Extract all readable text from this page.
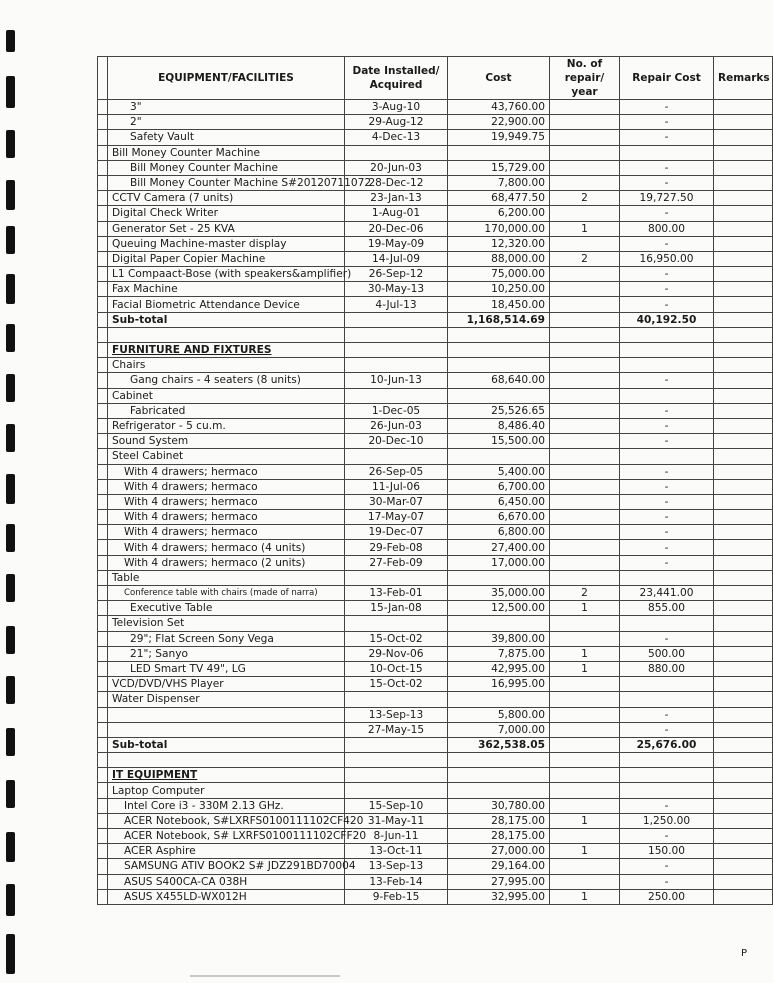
	EQUIPMENT/FACILITIES	Date Installed/ Acquired	Cost	No. of repair/ year	Repair Cost	Remarks
	3"	3-Aug-10	43,760.00		-	
	2"	29-Aug-12	22,900.00		-	
	Safety Vault	4-Dec-13	19,949.75		-	
	Bill Money Counter Machine					
	Bill Money Counter Machine	20-Jun-03	15,729.00		-	
	Bill Money Counter Machine S#20120711072	28-Dec-12	7,800.00		-	
	CCTV Camera (7 units)	23-Jan-13	68,477.50	2	19,727.50	
	Digital Check Writer	1-Aug-01	6,200.00		-	
	Generator Set - 25 KVA	20-Dec-06	170,000.00	1	800.00	
	Queuing Machine-master display	19-May-09	12,320.00		-	
	Digital Paper Copier Machine	14-Jul-09	88,000.00	2	16,950.00	
	L1 Compaact-Bose (with speakers&amplifier)	26-Sep-12	75,000.00		-	
	Fax Machine	30-May-13	10,250.00		-	
	Facial Biometric Attendance Device	4-Jul-13	18,450.00		-	
	Sub-total		1,168,514.69		40,192.50	

	FURNITURE AND FIXTURES					
	Chairs					
	Gang chairs - 4 seaters (8 units)	10-Jun-13	68,640.00		-	
	Cabinet					
	Fabricated	1-Dec-05	25,526.65		-	
	Refrigerator - 5 cu.m.	26-Jun-03	8,486.40		-	
	Sound System	20-Dec-10	15,500.00		-	
	Steel Cabinet					
	With 4 drawers; hermaco	26-Sep-05	5,400.00		-	
	With 4 drawers; hermaco	11-Jul-06	6,700.00		-	
	With 4 drawers; hermaco	30-Mar-07	6,450.00		-	
	With 4 drawers; hermaco	17-May-07	6,670.00		-	
	With 4 drawers; hermaco	19-Dec-07	6,800.00		-	
	With 4 drawers; hermaco (4 units)	29-Feb-08	27,400.00		-	
	With 4 drawers; hermaco (2 units)	27-Feb-09	17,000.00		-	
	Table					
	Conference table with chairs (made of narra)	13-Feb-01	35,000.00	2	23,441.00	
	Executive Table	15-Jan-08	12,500.00	1	855.00	
	Television Set					
	29"; Flat Screen Sony Vega	15-Oct-02	39,800.00		-	
	21"; Sanyo	29-Nov-06	7,875.00	1	500.00	
	LED Smart TV 49", LG	10-Oct-15	42,995.00	1	880.00	
	VCD/DVD/VHS Player	15-Oct-02	16,995.00			
	Water Dispenser					
		13-Sep-13	5,800.00		-	
		27-May-15	7,000.00		-	
	Sub-total		362,538.05		25,676.00	

	IT EQUIPMENT					
	Laptop Computer					
	Intel Core i3 - 330M 2.13 GHz.	15-Sep-10	30,780.00		-	
	ACER Notebook, S#LXRFS0100111102CF420	31-May-11	28,175.00	1	1,250.00	
	ACER Notebook, S# LXRFS0100111102CFF20	8-Jun-11	28,175.00		-	
	ACER Asphire	13-Oct-11	27,000.00	1	150.00	
	SAMSUNG ATIV BOOK2 S# JDZ291BD70004	13-Sep-13	29,164.00		-	
	ASUS S400CA-CA 038H	13-Feb-14	27,995.00		-	
	ASUS X455LD-WX012H	9-Feb-15	32,995.00	1	250.00	
P
